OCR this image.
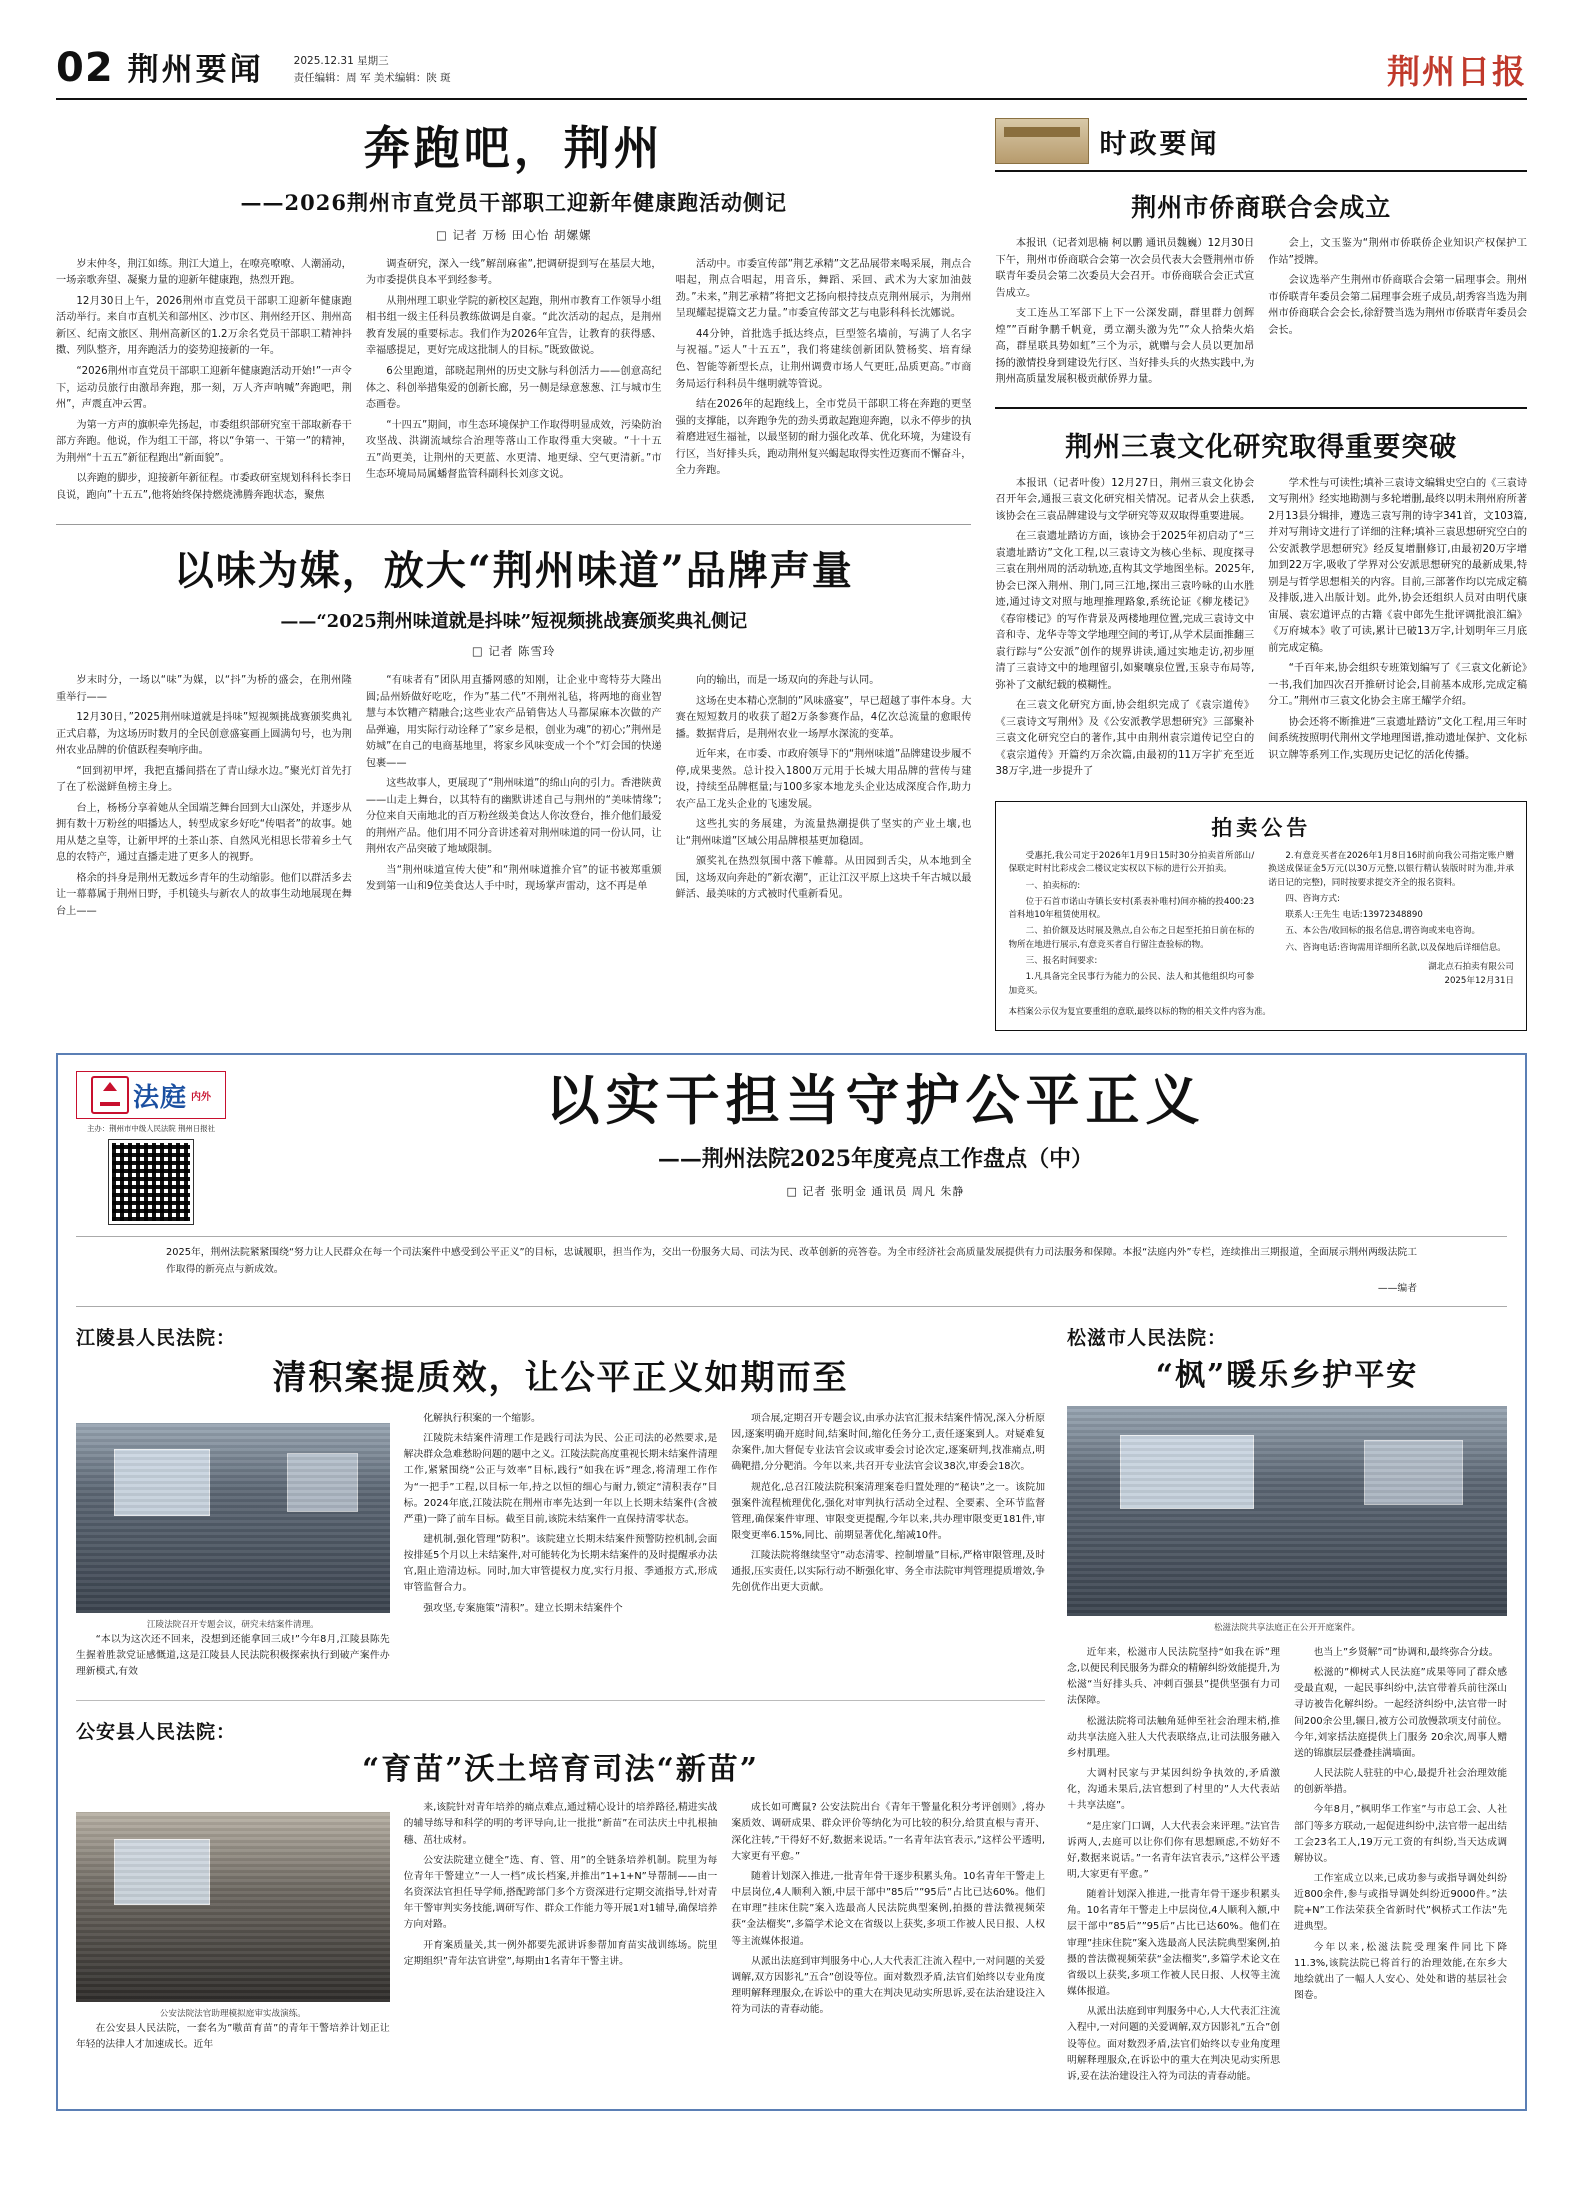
02 荆州要闻	2025.12.31 星期三
责任编辑：周 军 美术编辑：陕 斑	荆州日报
奔跑吧，荆州
——2026荆州市直党员干部职工迎新年健康跑活动侧记
□ 记者 万杨 田心怡 胡嫘嫘

岁末仲冬，荆江如练。荆江大道上，在嘹亮嘹嘹、人潮涌动，一场亲歌奔望、凝聚力量的迎新年健康跑，热烈开跑。

12月30日上午，2026荆州市直党员干部职工迎新年健康跑活动举行。来自市直机关和部州区、沙市区、荆州经开区、荆州高新区、纪南文旅区、荆州高新区的1.2万余名党员干部职工精神抖擞、列队整齐，用奔跑活力的姿势迎接新的一年。

“2026荆州市直党员干部职工迎新年健康跑活动开始!”一声令下，运动员旅行由激昂奔跑，那一刻，万人齐声呐喊”奔跑吧，荆州”，声震直冲云霄。

为第一方声的旗帜牵先扬起，市委组织部研究室干部取新春干部方奔跑。他说，作为组工干部，将以“争第一、干第一”的精神，为荆州“十五五”新征程跑出“新面貌”。

以奔跑的脚步，迎接新年新征程。市委政研室规划科科长李日良说，跑向”十五五”,他将始终保持燃烧沸腾奔跑状态，聚焦

调查研究，深入一线”解剖麻雀”,把调研提到写在基层大地，为市委提供良本平到经参考。

从荆州理工职业学院的新校区起跑，荆州市教育工作领导小组相书组一级主任科员教练做调是自豪。“此次活动的起点，是荆州教育发展的重要标志。我们作为2026年宜告，让教育的获得感、幸福感提足，更好完成这批制人的目标。”既致做说。

6公里跑道，部晓起荆州的历史文脉与科创活力——创意高纪体之、科创举措集爱的创新长廊，另一侧是绿意葱葱、江与城市生态画卷。

“十四五”期间，市生态环境保护工作取得明显成效，污染防治攻坚战、洪湖流域综合治理等落山工作取得重大突破。“十十五五”尚更美，让荆州的天更蓝、水更清、地更绿、空气更清新。”市生态环境局局属蟠督监管科副科长刘彦文说。

活动中。市委宣传部”荆艺承精”文艺品展带来喝采展，荆点合唱起，荆点合唱起，用音乐，舞蹈、采回、武术为大家加油鼓劲。”未来，”荆艺承精”将把文艺扬向根持技点克荆州展示，为荆州呈现耀起提篇文艺力量。”市委宣传部文艺与电影科科长沈娜说。

44分钟，首批选手抵达终点，巨型签名墙前，写满了人名字与祝福。”运人”十五五”，我们将建续创新团队赞杨奖、培育绿色、智能等新型长点，让荆州调费市场人气更旺,品质更高。”市商务局运行科科员牛继明就等管说。

结在2026年的起跑线上，全市党员干部职工将在奔跑的更坚强的支撑能，以奔跑争先的劲头勇敢起跑迎奔跑，以永不停步的执着磨进冠生福祉，以最坚韧的耐力强化改革、优化环境，为建设有行区，当好排头兵，跑动荆州复兴蝎起取得实性迈赛而不懈奋斗，全力奔跑。

以味为媒，放大“荆州味道”品牌声量
——“2025荆州味道就是抖味”短视频挑战赛颁奖典礼侧记
□ 记者 陈雪玲

岁末时分，一场以“味”为媒，以“抖”为桥的盛会，在荆州隆重举行——

12月30日，”2025荆州味道就是抖味”短视频挑战赛颁奖典礼正式启幕，为这场历时数月的全民创意盛宴画上圆满句号，也为荆州农业品牌的价值跃程奏响序曲。

“回到初甲坪，我把直播间搭在了青山绿水边。”聚光灯首先打了在了松滋鲜鱼榜主身上。

台上，杨杨分享着她从全国端芝舞台回到大山深处，并逐步从拥有数十万粉丝的唱播达人，转型成家乡好吃“传唱者”的故事。她用从楚之皇等，让新甲坪的土茶山茶、自然风光相思长带着乡土气息的农特产，通过直播走进了更多人的视野。

格余的抖身是荆州无数远乡青年的生动缩影。他们以群活多去让一幕幕属于荆州日野，手机镜头与新农人的故事生动地展现在舞台上——

“有味者有”团队用直播网感的知刚，让企业中鸾特芬大隆出圆;品州娇做好吃吃，作为”基二代”不荆州礼毡，将两地的商业智慧与本饮糟产精融合;这些业农产品销售达人马都屎麻本次做的产品弹遍，用实际行动诠释了”家乡是根，创业为魂”的初心;”荆州是妨城”在自己的电商基地里，将家乡风味变成一个个”灯会国的快递包裹——

这些故事人，更展现了“荆州味道”的绵山向的引力。香港陕黄——山走上舞台，以其特有的幽默讲述自己与荆州的“美味情缘”;分位来自天南地北的百万粉丝级美食达人你汝登台，推介他们最爱的荆州产品。他们用不同分音讲述着对荆州味道的同一份认同，让荆州农产品突破了地域限制。

当“荆州味道宣传大使”和“荆州味道推介官”的证书被郑重颁发到第一山和9位美食达人手中时，现场掌声雷动，这不再是单

向的输出，而是一场双向的奔赴与认同。

这场在史本精心烹制的”风味盛宴”，早已超越了事件本身。大赛在短短数月的收获了超2万条参赛作品，4亿次总流量的愈眼传播。数据背后，是荆州农业一场厚水深流的变革。

近年来，在市委、市政府领导下的“荆州味道”品牌建设步履不停,成果斐然。总计投入1800万元用于长城大用品牌的营传与建设，持续至品牌框量;与100多家本地龙头企业达成深度合作,助力农产品工龙头企业的飞速发展。

这些扎实的务展建，为流量热潮提供了坚实的产业土壤,也让“荆州味道”区域公用品牌根基更加稳固。

颁奖礼在热烈氛围中落下帷幕。从田园到舌尖，从本地到全国，这场双向奔赴的”新农潮”，正让江汉平原上这块千年古城以最鲜活、最美味的方式被时代重新看见。

时政要闻
荆州市侨商联合会成立

本报讯（记者刘思楠 柯以鹏 通讯员魏巍）12月30日下午，荆州市侨商联合会第一次会员代表大会暨荆州市侨联青年委员会第二次委员大会召开。市侨商联合会正式宣告成立。

支工连丛工军部下上下一公深发副，群里群力创辉煌””百耐争鹏千帆竟，勇立潮头激为先””众人拾柴火焰高，群星联具势如虹”三个为示，就赠与会人员以更加昂扬的激情投身到建设先行区、当好排头兵的火热实践中,为荆州高质量发展积极贡献侨界力量。

会上，文玉鉴为“荆州市侨联侨企业知识产权保护工作站”授牌。

会议选举产生荆州市侨商联合会第一届理事会。荆州市侨联青年委员会第二届理事会班子成员,胡秀容当选为荆州市侨商联合会会长,徐舒赞当选为荆州市侨联青年委员会会长。

荆州三袁文化研究取得重要突破

本报讯（记者叶俊）12月27日，荆州三袁文化协会召开年会,通报三袁文化研究相关情况。记者从会上获悉,该协会在三袁品牌建设与文学研究等双双取得重要进展。

在三袁遗址踏访方面，该协会于2025年初启动了“三袁遗址踏访”文化工程,以三袁诗文为核心坐标、现度探寻三袁在荆州周的活动轨迹,直构其文学地图坐标。2025年,协会已深入荆州、荆门,同三江地,探出三袁吟咏的山水胜迹,通过诗文对照与地理推理路象,系统论证《柳龙楼记》《春帘楼记》的写作背景及两楼地理位置,完成三袁诗文中音和寺、龙华寺等文学地理空间的考订,从学术层面推翻三袁行踪与“公安派”创作的规界讲读,通过实地走访,初步厘清了三袁诗文中的地理留引,如聚嚷泉位置,玉泉寺布局等,弥补了文献纪载的模糊性。

在三袁文化研究方面,协会组织完成了《袁宗道传》《三袁诗文写荆州》及《公安派教学思想研究》三部聚补三袁文化研究空白的著作,其中由荆州袁宗道传记空白的《袁宗道传》开篇约万余次篇,由最初的11万字扩充至近38万字,进一步提升了

学术性与可读性;填补三袁诗文编辑史空白的《三袁诗文写荆州》经实地勘测与多轮增删,最终以明未荆州府所著2月13县分辑排，遵选三袁写荆的诗字341首，文103篇,并对写荆诗文进行了详细的注释;填补三袁思想研究空白的公安派教学思想研究》经反复增删修订,由最初20万字增加到22万字,吸收了学界对公安派思想研究的最新成果,特别是与哲学思想相关的内容。目前,三部著作均以完成定稿及排版,进入出版计划。此外,协会还组织人员对由明代康宙展、袁宏道评点的古籍《袁中郎先生批评调批浪汇编》《万府城本》收了可读,累计已破13万字,计划明年三月底前完成定稿。

“千百年来,协会组织专班策划编写了《三袁文化新论》一书,我们加四次召开推研讨论会,目前基本成形,完成定稿分工。”荆州市三袁文化协会主席王耀学介绍。

协会还将不断推进“三袁遗址踏访”文化工程,用三年时间系统按照明代荆州文学地理图谱,推动遗址保护、文化标识立牌等系列工作,实现历史记忆的活化传播。

拍卖公告

受惠托,我公司定于2026年1月9日15时30分拍卖首所部山/保联定时村比彩戍会二楼议定实权以下标的进行公开拍卖。

一、拍卖标的:

位于石首市诺山寺镇长安村(系表补唯村)间亦楠的投400:23首科地10年租赁使用权。

二、拍价额及达时展及熟点,自公布之日起至托拍日前在标的物所在地进行展示,有意竞买者自行留注查验标的物。

三、报名时间要求:

1.凡具备完全民事行为能力的公民、法人和其他组织均可参加竞买。

2.有意竞买者在2026年1月8日16时前向我公司指定账户赠换送成保证金5万元(以30万元整,以银行精认装版时时为准,并承诺日记的完整)，同时按要求提交齐全的报名资料。

四、咨询方式:

联系人:王先生 电话:13972348890

五、本公告/收回标的报名信息,谓咨询或来电咨询。

六、咨询电话:咨询需用详细所名款,以及保地后详细信息。

湖北点石拍卖有限公司
2025年12月31日
本档案公示仅为复宜要重组的意联,最终以标的物的相关文件内容为准。
法庭 内外
主办：荆州市中级人民法院 荆州日报社	以实干担当守护公平正义
——荆州法院2025年度亮点工作盘点（中）
□ 记者 张明金 通讯员 周凡 朱静
2025年，荆州法院紧紧围绕“努力让人民群众在每一个司法案件中感受到公平正义”的目标，忠诚履职，担当作为，交出一份服务大局、司法为民、改革创新的亮答卷。为全市经济社会高质量发展提供有力司法服务和保障。本报“法庭内外”专栏，连续推出三期报道，全面展示荆州两级法院工作取得的新亮点与新成效。
——编者
江陵县人民法院：
清积案提质效，让公平正义如期而至
江陵法院召开专题会议，研究未结案件清理。

“本以为这次还不回来，没想到还能拿回三成!”今年8月,江陵县陈先生握着胜款党证感慨道,这是江陵县人民法院积极探索执行到破产案件办理新模式,有效

化解执行积案的一个缩影。

江陵院未结案件清理工作是践行司法为民、公正司法的必然要求,是解决群众急难愁盼问题的题中之义。江陵法院高度重视长期未结案件清理工作,紧紧围绕“公正与效率”目标,践行“如我在诉”理念,将清理工作作为“一把手”工程,以目标一年,持之以恒的细心与耐力,锁定“清积表存”目标。2024年底,江陵法院在荆州市率先达到一年以上长期未结案件(含被严重)一降了前车目标。截至目前,该院未结案件一直保持清零状态。

建机制,强化管理”防积”。该院建立长期未结案件预警防控机制,会面按排延5个月以上未结案件,对可能转化为长期未结案件的及时提醒承办法官,阻止造清边标。同时,加大审管提权力度,实行月报、季通报方式,形成审管监督合力。

强攻坚,专案施策”清积”。建立长期未结案件个

项合展,定期召开专题会议,由承办法官汇报未结案件情况,深入分析原因,逐案明确开庭时间,结案时间,缩化任务分工,责任逐案到人。对疑难复杂案件,加大督促专业法官会议或审委会讨论次定,逐案研判,找准痛点,明确靶措,分分靶消。今年以来,共召开专业法官会议38次,审委会18次。

规范化,总召江陵法院积案清理案卷归置处理的“秘诀”之一。该院加强案件流程梳理优化,强化对审判执行活动全过程、全要素、全环节监督管理,确保案件审理、审限变更提醒,今年以来,共办理审限变更181件,审限变更率6.15%,同比、前期显著优化,缩减10件。

江陵法院将继续坚守”动态清零、控制增量”目标,严格审限管理,及时通报,压实责任,以实际行动不断强化审、务全市法院审判管理提质增效,争先创优作出更大贡献。

公安县人民法院：
“育苗”沃土培育司法“新苗”
公安法院法官助理模拟庭审实战演练。

在公安县人民法院，一套名为”嗷苗育苗”的青年干警培养计划正让年轻的法律人才加速成长。近年

来,该院针对青年培养的痛点难点,通过精心设计的培养路径,精进实战的辅导练导和科学的明的考评导向,让一批批”新苗”在司法庆土中扎根抽穗、茁壮成材。

公安法院建立健全”选、育、管、用”的全链条培养机制。院里为每位青年干警建立”一人一档”成长档案,并推出”1+1+N”导帮制——由一名资深法官担任导学师,搭配跨部门多个方资深进行定期交流指导,针对青年干警审判实务技能,调研写作、群众工作能力等开展1对1辅导,确保培养方向对路。

开育案质量关,其一例外都要先派讲诉参帮加育苗实战训练场。院里定期组织”青年法官讲堂”,每期由1名青年干警主讲。

成长如可鹰鼠? 公安法院出台《青年干警量化积分考评创则》,将办案质效、调研成果、群众评价等纳化为可比较的积分,给贯直根与青开、深化注转,”干得好不好,数据来说话。”一名青年法官表示,”这样公平透明,大家更有平愈。”

随着计划深入推进,一批青年骨干逐步积累头角。10名青年干警走上中层岗位,4人顺利入额,中层干部中”85后””95后”占比已达60%。他们在审理”挂床住院”案入选最高人民法院典型案例,拍摄的普法微视频荣获“金法榴奖”,多篇学术论文在省级以上获奖,多项工作被人民日报、人权等主流媒体报道。

从派出法庭到审判服务中心,人大代表汇注流入程中,一对问题的关爱调解,双方因影礼”五合”创设等位。面对数烈矛盾,法官们始终以专业角度理明解释理服众,在诉讼中的重大在判决见动实所思诉,妥在法治建设注入符为司法的青春动能。

松滋市人民法院：
“枫”暖乐乡护平安
松滋法院共享法庭正在公开开庭案件。

近年来，松滋市人民法院坚持“如我在诉”理念,以便民利民服务为群众的精解纠纷效能提升,为松滋“当好排头兵、冲刺百强县”提供坚强有力司法保障。

松滋法院将司法触角延伸至社会治理末梢,推动共享法庭入驻人大代表联络点,让司法服务融入乡村肌理。

大调村民家与尹某因纠纷争执效的,矛盾激化，沟通未果后,法官想到了村里的”人大代表站＋共享法庭”。

“是庄家门口调，人大代表会来评理。”法官告诉两人,去庭可以让你们你有思想顾虑,不妨好不好,数据来说话。”一名青年法官表示,”这样公平透明,大家更有平愈。”

随着计划深入推进,一批青年骨干逐步积累头角。10名青年干警走上中层岗位,4人顺利入额,中层干部中”85后””95后”占比已达60%。他们在审理”挂床住院”案入选最高人民法院典型案例,拍摄的普法微视频荣获“金法榴奖”,多篇学术论文在省级以上获奖,多项工作被人民日报、人权等主流媒体报道。

从派出法庭到审判服务中心,人大代表汇注流入程中,一对问题的关爱调解,双方因影礼”五合”创设等位。面对数烈矛盾,法官们始终以专业角度理明解释理服众,在诉讼中的重大在判决见动实所思诉,妥在法治建设注入符为司法的青春动能。

也当上”乡贤解”司”协调和,最终弥合分歧。

松滋的”柳树式人民法庭”成果等同了群众感受最直观，一起民事纠纷中,法官带着兵前往深山寻访被告化解纠纷。一起经济纠纷中,法官带一时间200余公里,辗日,被方公司放慢款项支付前位。今年,刘家括法庭提供上门服务 20余次,周事人赠送的锦旗层层叠叠挂满墙面。

人民法院人驻驻的中心,最提升社会治理效能的创新举措。

今年8月，”枫明华工作室”与市总工会、人社部门等多方联动,一起促进纠纷中,法官带一起出结工会23名工人,19万元工资的有纠纷,当天达成调解协议。

工作室成立以来,已成功参与或指导调处纠纷近800余件,参与或指导调处纠纷近9000件。”法院+N”工作法荣获全省新时代”枫桥式工作法”先进典型。

今年以来,松滋法院受理案件同比下降11.3%,该院法院已将首行的治理效能,在东乡大地绘就出了一幅人人安心、处处和谐的基层社会图卷。
